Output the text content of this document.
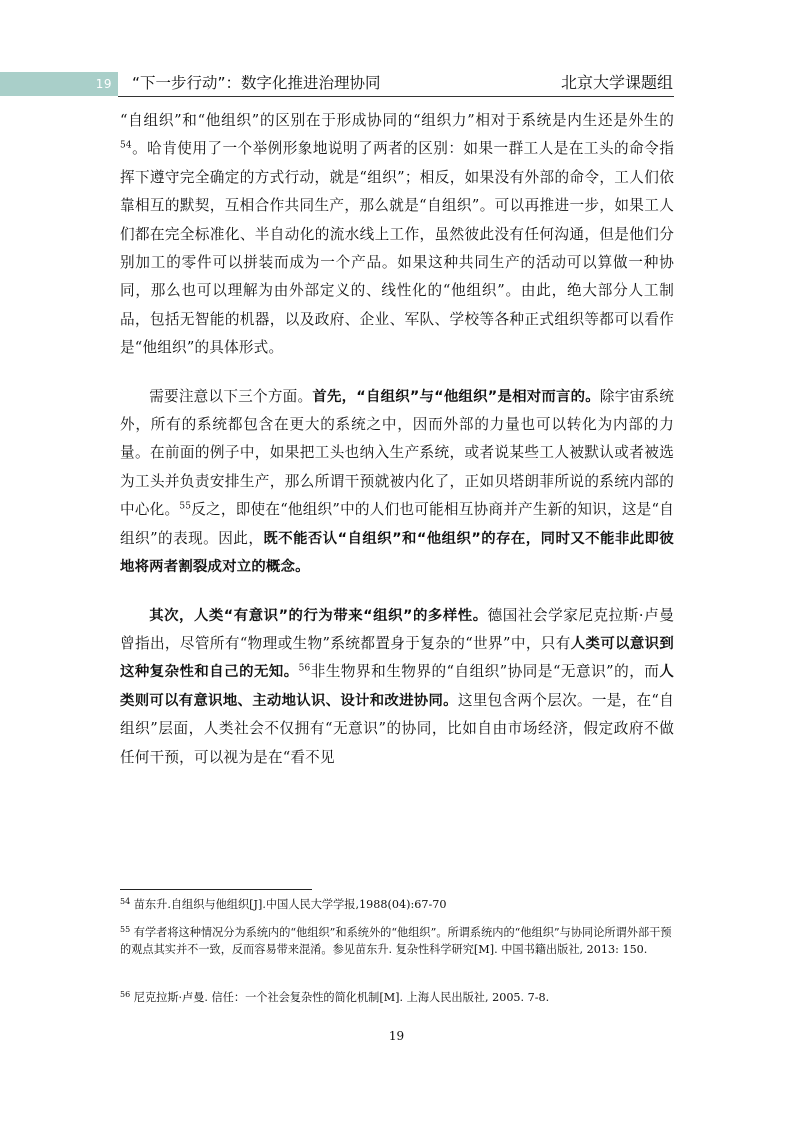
19	“下一步行动”：数字化推进治理协同	北京大学课题组

“自组织”和“他组织”的区别在于形成协同的“组织力”相对于系统是内生还是外生的$^{54}$。哈肯使用了一个举例形象地说明了两者的区别：如果一群工人是在工头的命令指挥下遵守完全确定的方式行动，就是“组织”；相反，如果没有外部的命令，工人们依靠相互的默契，互相合作共同生产，那么就是“自组织”。可以再推进一步，如果工人们都在完全标准化、半自动化的流水线上工作，虽然彼此没有任何沟通，但是他们分别加工的零件可以拼装而成为一个产品。如果这种共同生产的活动可以算做一种协同，那么也可以理解为由外部定义的、线性化的“他组织”。由此，绝大部分人工制品，包括无智能的机器，以及政府、企业、军队、学校等各种正式组织等都可以看作是“他组织”的具体形式。

需要注意以下三个方面。首先，“自组织”与“他组织”是相对而言的。除宇宙系统外，所有的系统都包含在更大的系统之中，因而外部的力量也可以转化为内部的力量。在前面的例子中，如果把工头也纳入生产系统，或者说某些工人被默认或者被选为工头并负责安排生产，那么所谓干预就被内化了，正如贝塔朗菲所说的系统内部的中心化。$^{55}$反之，即使在“他组织”中的人们也可能相互协商并产生新的知识，这是“自组织”的表现。因此，既不能否认“自组织”和“他组织”的存在，同时又不能非此即彼地将两者割裂成对立的概念。

其次，人类“有意识”的行为带来“组织”的多样性。德国社会学家尼克拉斯·卢曼曾指出，尽管所有“物理或生物”系统都置身于复杂的“世界”中，只有人类可以意识到这种复杂性和自己的无知。$^{56}$非生物界和生物界的“自组织”协同是“无意识”的，而人类则可以有意识地、主动地认识、设计和改进协同。这里包含两个层次。一是，在“自组织”层面，人类社会不仅拥有“无意识”的协同，比如自由市场经济，假定政府不做任何干预，可以视为是在“看不见

$^{54}$ 苗东升.自组织与他组织[J].中国人民大学学报,1988(04):67-70
$^{55}$ 有学者将这种情况分为系统内的“他组织”和系统外的“他组织”。所谓系统内的“他组织”与协同论所谓外部干预的观点其实并不一致，反而容易带来混淆。参见苗东升. 复杂性科学研究[M]. 中国书籍出版社, 2013: 150.
$^{56}$ 尼克拉斯·卢曼. 信任：一个社会复杂性的简化机制[M]. 上海人民出版社, 2005. 7-8.
19
